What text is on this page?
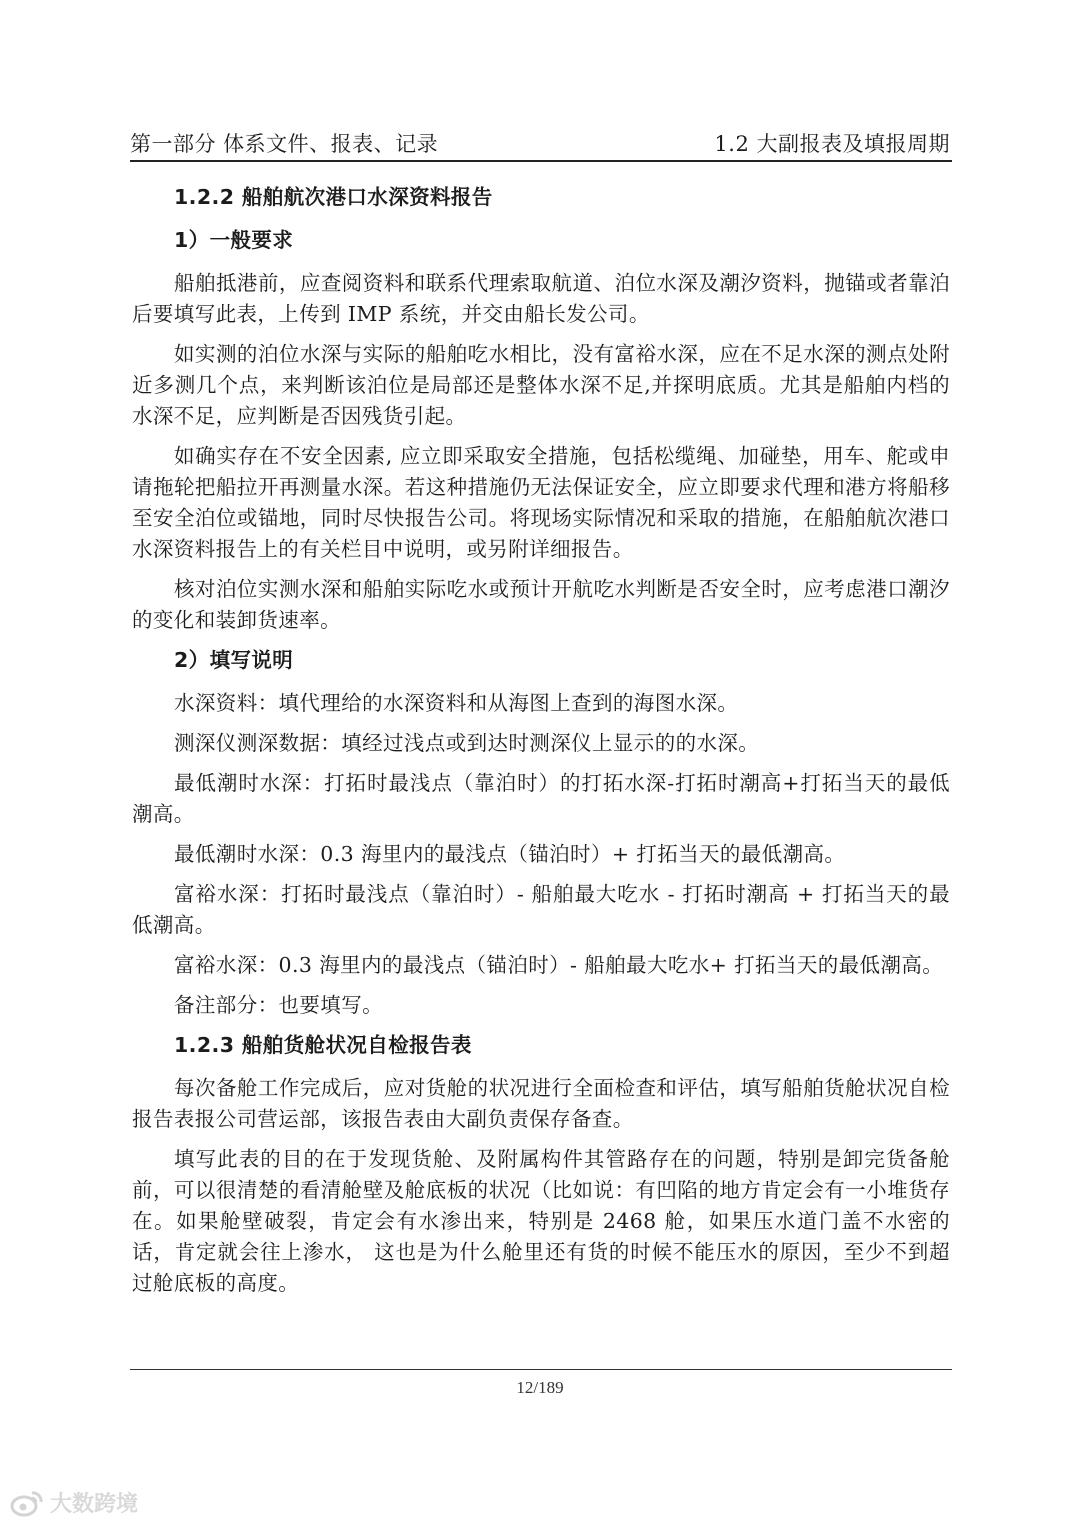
第一部分 体系文件、报表、记录	1.2 大副报表及填报周期
1.2.2 船舶航次港口水深资料报告
1）一般要求

船舶抵港前，应查阅资料和联系代理索取航道、泊位水深及潮汐资料，抛锚或者靠泊后要填写此表，上传到 IMP 系统，并交由船长发公司。

如实测的泊位水深与实际的船舶吃水相比，没有富裕水深，应在不足水深的测点处附近多测几个点，来判断该泊位是局部还是整体水深不足,并探明底质。尤其是船舶内档的水深不足，应判断是否因残货引起。

如确实存在不安全因素, 应立即采取安全措施，包括松缆绳、加碰垫，用车、舵或申请拖轮把船拉开再测量水深。若这种措施仍无法保证安全，应立即要求代理和港方将船移至安全泊位或锚地，同时尽快报告公司。将现场实际情况和采取的措施，在船舶航次港口水深资料报告上的有关栏目中说明，或另附详细报告。

核对泊位实测水深和船舶实际吃水或预计开航吃水判断是否安全时，应考虑港口潮汐的变化和装卸货速率。

2）填写说明

水深资料：填代理给的水深资料和从海图上查到的海图水深。

测深仪测深数据：填经过浅点或到达时测深仪上显示的的水深。

最低潮时水深：打拓时最浅点（靠泊时）的打拓水深-打拓时潮高+打拓当天的最低潮高。

最低潮时水深：0.3 海里内的最浅点（锚泊时）+ 打拓当天的最低潮高。

富裕水深：打拓时最浅点（靠泊时）- 船舶最大吃水 - 打拓时潮高 + 打拓当天的最低潮高。

富裕水深：0.3 海里内的最浅点（锚泊时）- 船舶最大吃水+ 打拓当天的最低潮高。

备注部分：也要填写。

1.2.3 船舶货舱状况自检报告表

每次备舱工作完成后，应对货舱的状况进行全面检查和评估，填写船舶货舱状况自检报告表报公司营运部，该报告表由大副负责保存备查。

填写此表的目的在于发现货舱、及附属构件其管路存在的问题，特别是卸完货备舱前，可以很清楚的看清舱壁及舱底板的状况（比如说：有凹陷的地方肯定会有一小堆货存在。如果舱壁破裂，肯定会有水渗出来，特别是 2468 舱，如果压水道门盖不水密的话，肯定就会往上渗水， 这也是为什么舱里还有货的时候不能压水的原因，至少不到超过舱底板的高度。

12/189
大数跨境
